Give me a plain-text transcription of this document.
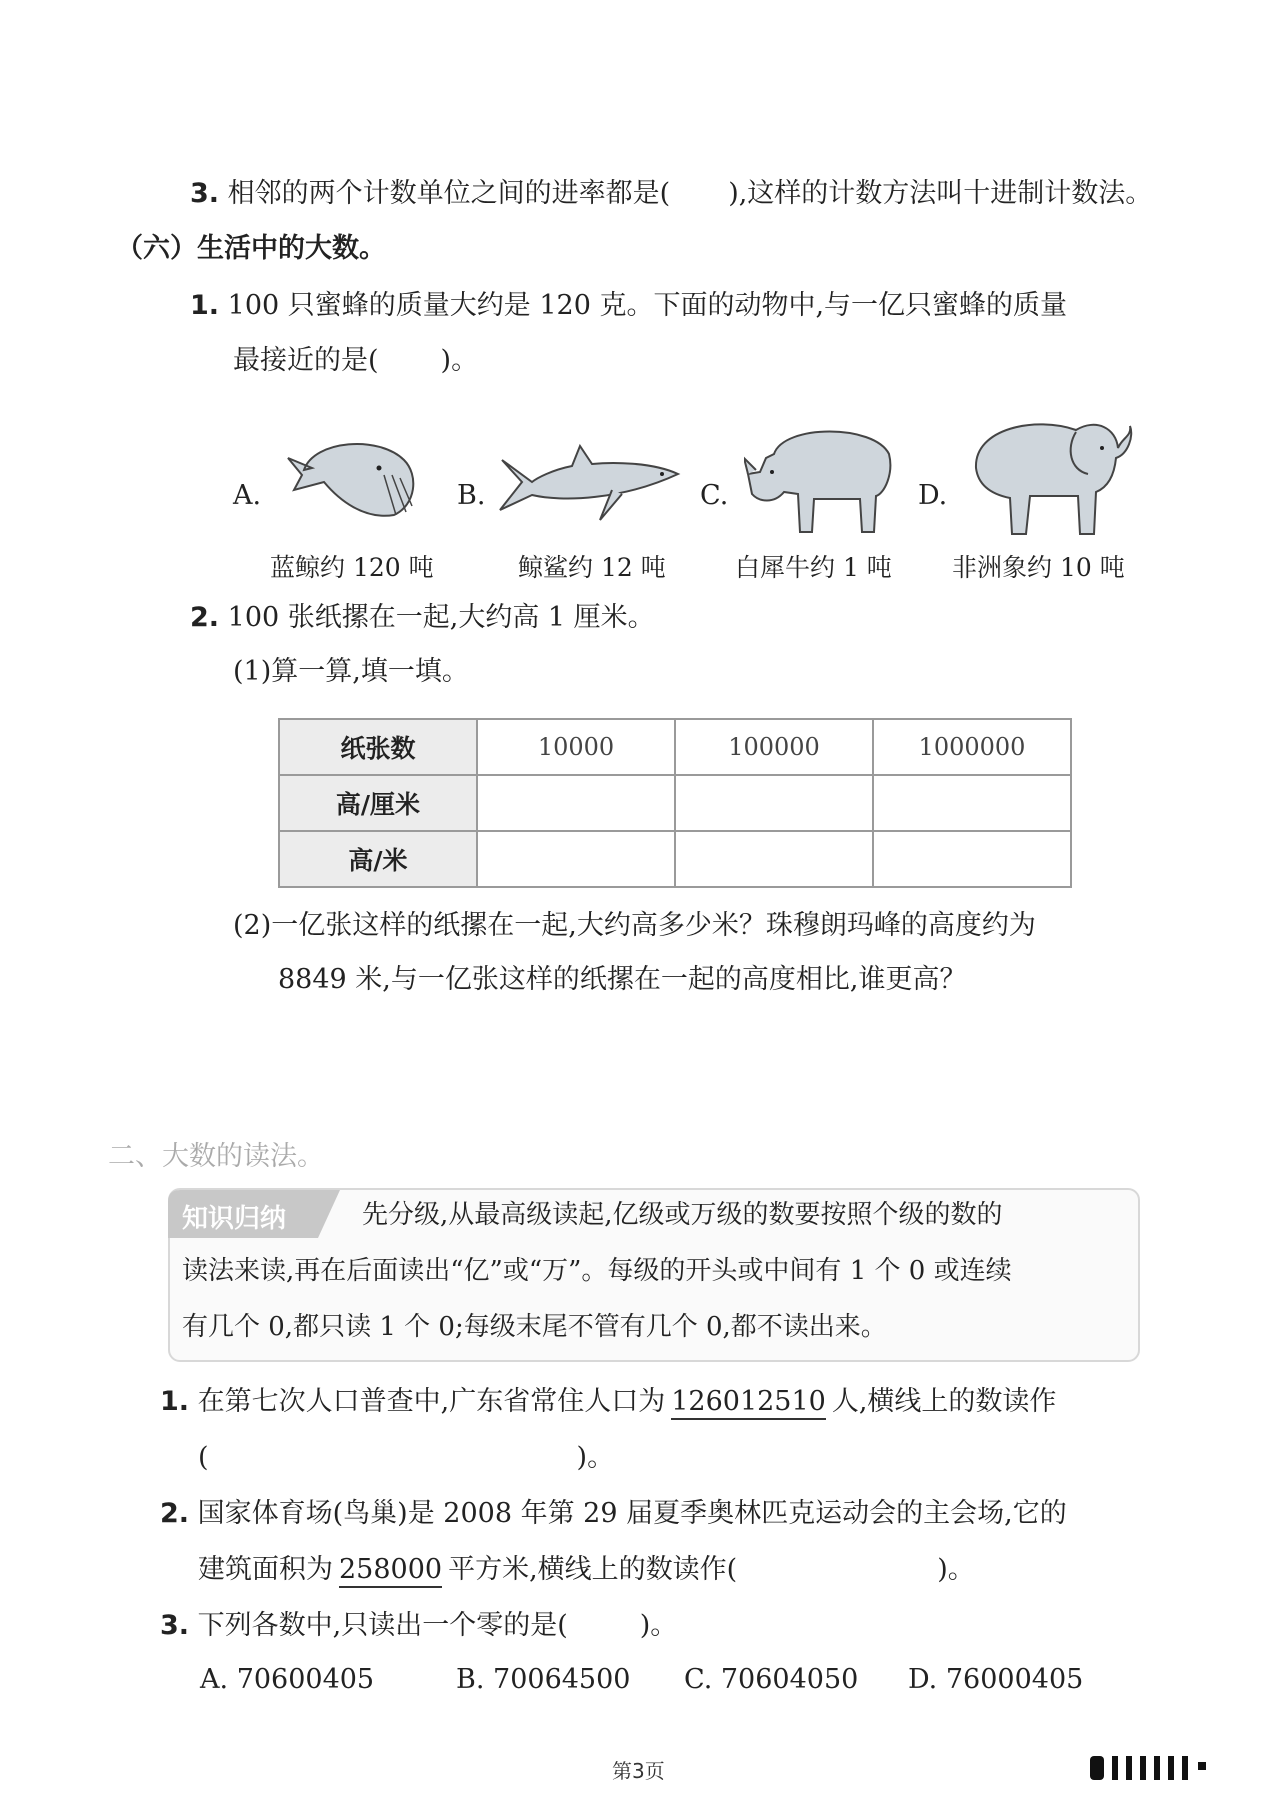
3. 相邻的两个计数单位之间的进率都是( ),这样的计数方法叫十进制计数法。
（六）生活中的大数。
1. 100 只蜜蜂的质量大约是 120 克。下面的动物中,与一亿只蜜蜂的质量
最接近的是( )。
A.	B.	C.	D.
蓝鲸约 120 吨	鲸鲨约 12 吨	白犀牛约 1 吨 非洲象约 10 吨
2. 100 张纸摞在一起,大约高 1 厘米。
(1)算一算,填一填。
纸张数	10000	100000	1000000
高/厘米			
高/米			
(2)一亿张这样的纸摞在一起,大约高多少米？珠穆朗玛峰的高度约为
8849 米,与一亿张这样的纸摞在一起的高度相比,谁更高？
二、大数的读法。
知识归纳	先分级,从最高级读起,亿级或万级的数要按照个级的数的
读法来读,再在后面读出“亿”或“万”。每级的开头或中间有 1 个 0 或连续
有几个 0,都只读 1 个 0;每级末尾不管有几个 0,都不读出来。
1. 在第七次人口普查中,广东省常住人口为 126012510 人,横线上的数读作
(	)。
2. 国家体育场(鸟巢)是 2008 年第 29 届夏季奥林匹克运动会的主会场,它的
建筑面积为 258000 平方米,横线上的数读作(	)。
3. 下列各数中,只读出一个零的是(	)。
A. 70600405	B. 70064500 C. 70604050 D. 76000405
第3页
